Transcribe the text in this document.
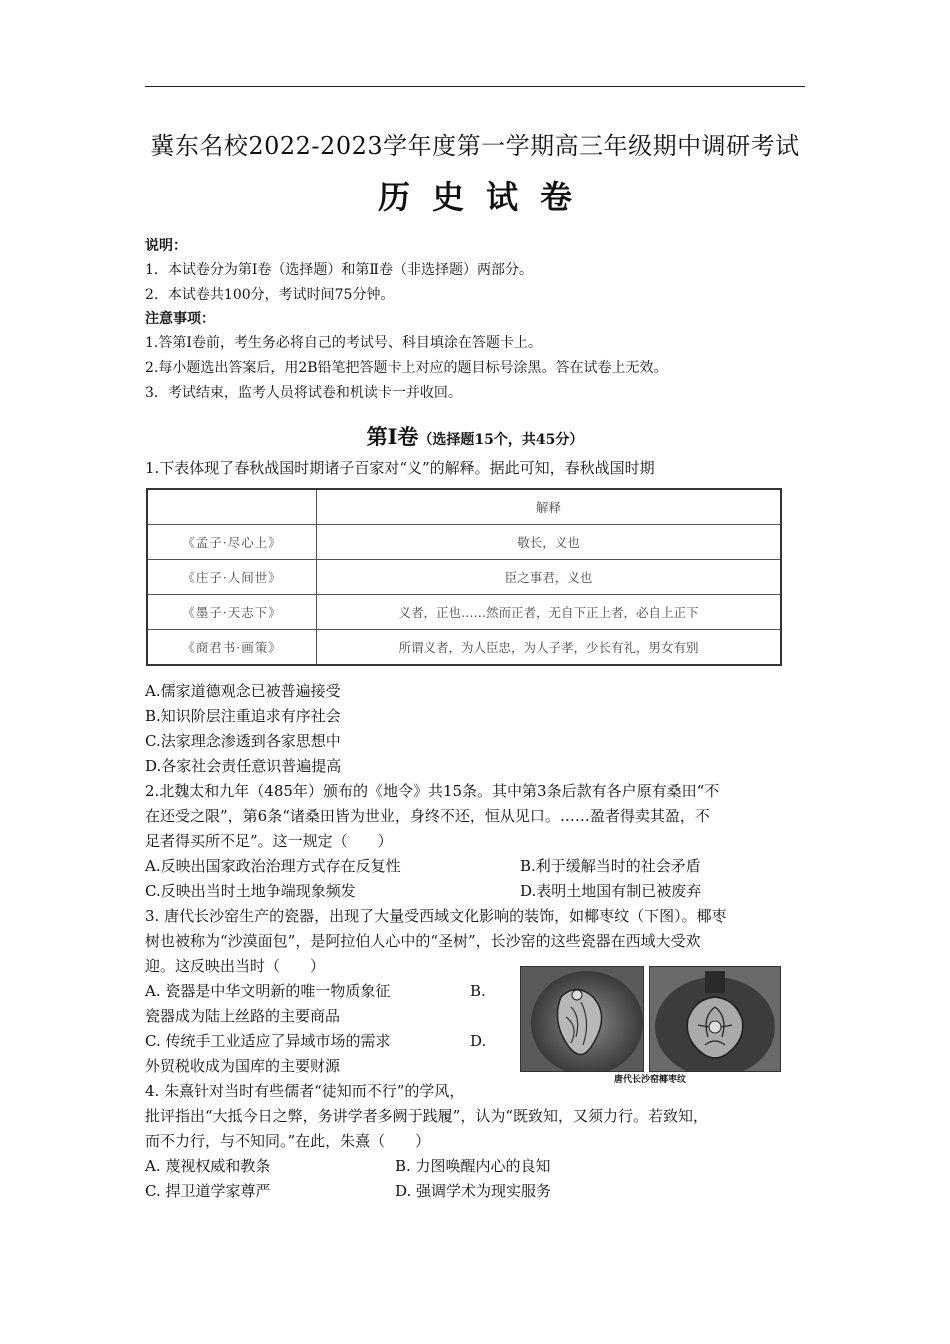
冀东名校2022-2023学年度第一学期高三年级期中调研考试
历史试卷
说明：
1．本试卷分为第Ⅰ卷（选择题）和第Ⅱ卷（非选择题）两部分。
2．本试卷共100分，考试时间75分钟。
注意事项：
1.答第Ⅰ卷前，考生务必将自己的考试号、科目填涂在答题卡上。
2.每小题选出答案后，用2B铅笔把答题卡上对应的题目标号涂黑。答在试卷上无效。
3．考试结束，监考人员将试卷和机读卡一并收回。
第Ⅰ卷（选择题15个，共45分）
1.下表体现了春秋战国时期诸子百家对“义”的解释。据此可知，春秋战国时期
	解释
《孟子·尽心上》	敬长，义也
《庄子·人间世》	臣之事君，义也
《墨子·天志下》	义者，正也……然而正者，无自下正上者，必自上正下
《商君书·画策》	所谓义者，为人臣忠，为人子孝，少长有礼，男女有别
A.儒家道德观念已被普遍接受
B.知识阶层注重追求有序社会
C.法家理念渗透到各家思想中
D.各家社会责任意识普遍提高
2.北魏太和九年（485年）颁布的《地令》共15条。其中第3条后款有各户原有桑田“不
在还受之限”，第6条“诸桑田皆为世业，身终不还，恒从见口。……盈者得卖其盈，不
足者得买所不足”。这一规定（　　）
A.反映出国家政治治理方式存在反复性	B.利于缓解当时的社会矛盾
C.反映出当时土地争端现象频发	D.表明土地国有制已被废弃
3. 唐代长沙窑生产的瓷器，出现了大量受西域文化影响的装饰，如椰枣纹（下图）。椰枣
树也被称为“沙漠面包”，是阿拉伯人心中的“圣树”，长沙窑的这些瓷器在西域大受欢
迎。这反映出当时（　　）
A. 瓷器是中华文明新的唯一物质象征	B.
瓷器成为陆上丝路的主要商品
C. 传统手工业适应了异域市场的需求	D.
外贸税收成为国库的主要财源
唐代长沙窑椰枣纹
4. 朱熹针对当时有些儒者“徒知而不行”的学风，
批评指出“大抵今日之弊，务讲学者多阙于践履”，认为“既致知，又须力行。若致知，
而不力行，与不知同。”在此，朱熹（　　）
A. 蔑视权威和教条	B. 力图唤醒内心的良知
C. 捍卫道学家尊严	D. 强调学术为现实服务
